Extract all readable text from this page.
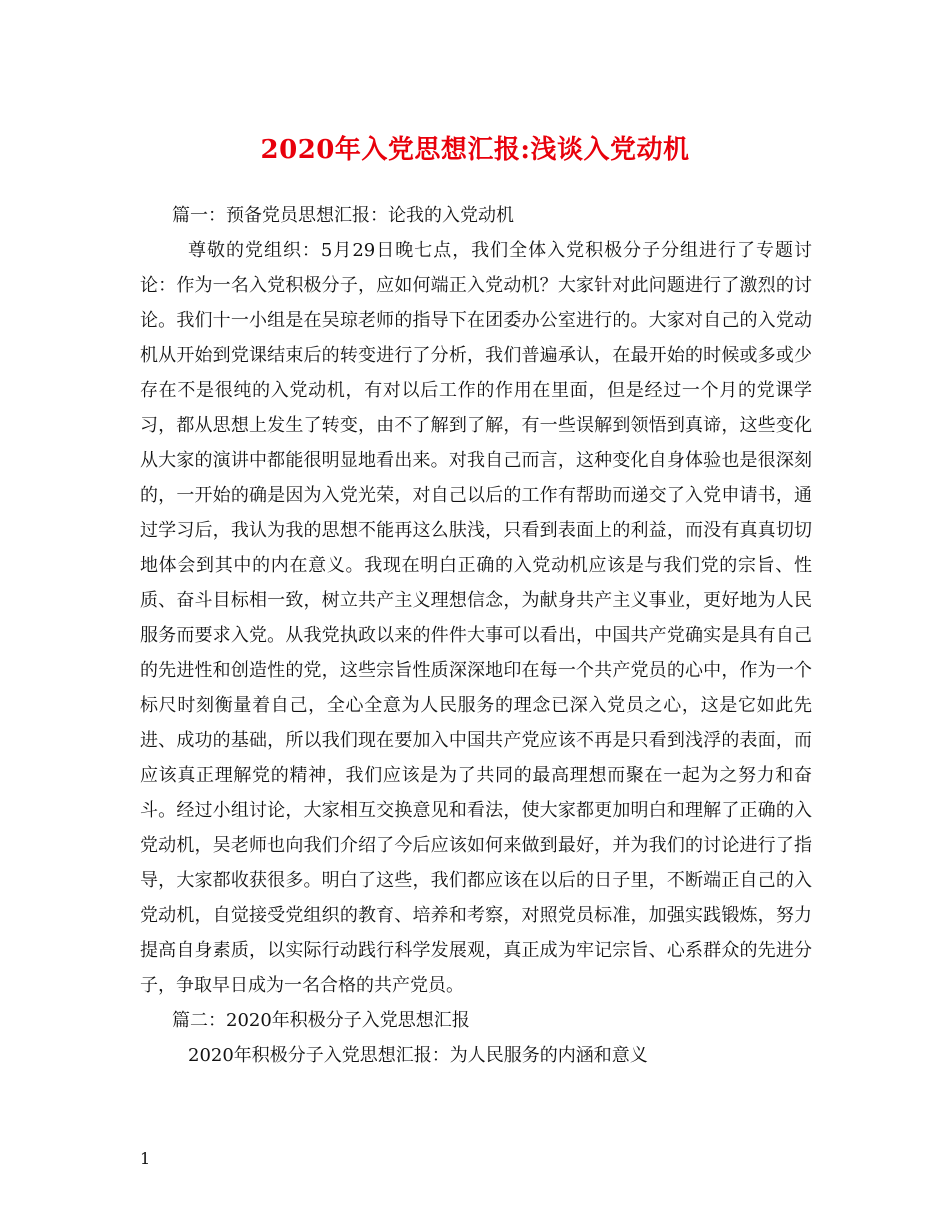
2020年入党思想汇报:浅谈入党动机

篇一：预备党员思想汇报：论我的入党动机

尊敬的党组织：5月29日晚七点，我们全体入党积极分子分组进行了专题讨论：作为一名入党积极分子，应如何端正入党动机？大家针对此问题进行了激烈的讨论。我们十一小组是在吴琼老师的指导下在团委办公室进行的。大家对自己的入党动机从开始到党课结束后的转变进行了分析，我们普遍承认，在最开始的时候或多或少存在不是很纯的入党动机，有对以后工作的作用在里面，但是经过一个月的党课学习，都从思想上发生了转变，由不了解到了解，有一些误解到领悟到真谛，这些变化从大家的演讲中都能很明显地看出来。对我自己而言，这种变化自身体验也是很深刻的，一开始的确是因为入党光荣，对自己以后的工作有帮助而递交了入党申请书，通过学习后，我认为我的思想不能再这么肤浅，只看到表面上的利益，而没有真真切切地体会到其中的内在意义。我现在明白正确的入党动机应该是与我们党的宗旨、性质、奋斗目标相一致，树立共产主义理想信念，为献身共产主义事业，更好地为人民服务而要求入党。从我党执政以来的件件大事可以看出，中国共产党确实是具有自己的先进性和创造性的党，这些宗旨性质深深地印在每一个共产党员的心中，作为一个标尺时刻衡量着自己，全心全意为人民服务的理念已深入党员之心，这是它如此先进、成功的基础，所以我们现在要加入中国共产党应该不再是只看到浅浮的表面，而应该真正理解党的精神，我们应该是为了共同的最高理想而聚在一起为之努力和奋斗。经过小组讨论，大家相互交换意见和看法，使大家都更加明白和理解了正确的入党动机，吴老师也向我们介绍了今后应该如何来做到最好，并为我们的讨论进行了指导，大家都收获很多。明白了这些，我们都应该在以后的日子里，不断端正自己的入党动机，自觉接受党组织的教育、培养和考察，对照党员标准，加强实践锻炼，努力提高自身素质，以实际行动践行科学发展观，真正成为牢记宗旨、心系群众的先进分子，争取早日成为一名合格的共产党员。

篇二：2020年积极分子入党思想汇报

2020年积极分子入党思想汇报：为人民服务的内涵和意义

1
